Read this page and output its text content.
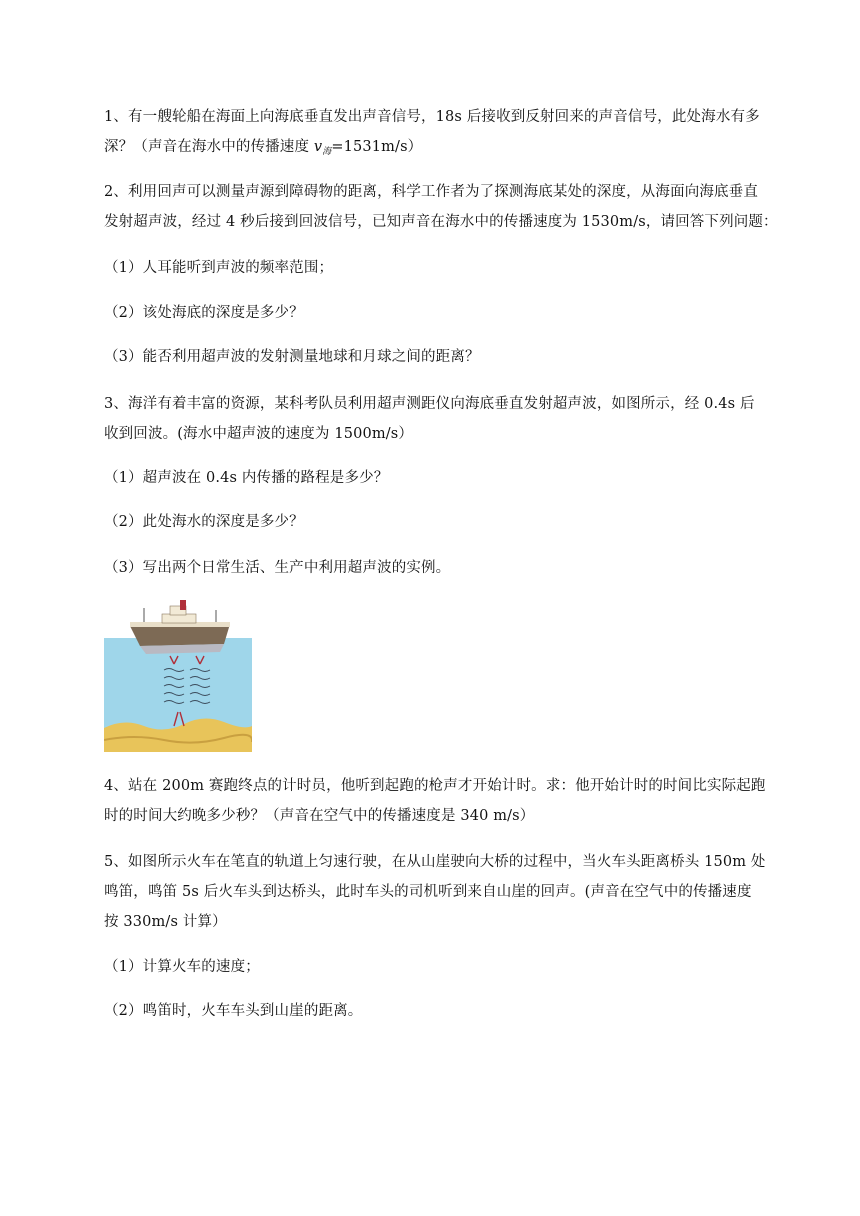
1、有一艘轮船在海面上向海底垂直发出声音信号，18s 后接收到反射回来的声音信号，此处海水有多
深？（声音在海水中的传播速度 $v_海=1531m/s$）
2、利用回声可以测量声源到障碍物的距离，科学工作者为了探测海底某处的深度，从海面向海底垂直
发射超声波，经过 4 秒后接到回波信号，已知声音在海水中的传播速度为 1530m/s，请回答下列问题：
（1）人耳能听到声波的频率范围；
（2）该处海底的深度是多少？
（3）能否利用超声波的发射测量地球和月球之间的距离？
3、海洋有着丰富的资源，某科考队员利用超声测距仪向海底垂直发射超声波，如图所示，经 0.4s 后
收到回波。(海水中超声波的速度为 1500m/s）
（1）超声波在 0.4s 内传播的路程是多少？
（2）此处海水的深度是多少？
（3）写出两个日常生活、生产中利用超声波的实例。
4、站在 200m 赛跑终点的计时员，他听到起跑的枪声才开始计时。求：他开始计时的时间比实际起跑
时的时间大约晚多少秒？（声音在空气中的传播速度是 340 m/s）
5、如图所示火车在笔直的轨道上匀速行驶，在从山崖驶向大桥的过程中，当火车头距离桥头 150m 处
鸣笛，鸣笛 5s 后火车头到达桥头，此时车头的司机听到来自山崖的回声。(声音在空气中的传播速度
按 330m/s 计算）
（1）计算火车的速度；
（2）鸣笛时，火车车头到山崖的距离。
